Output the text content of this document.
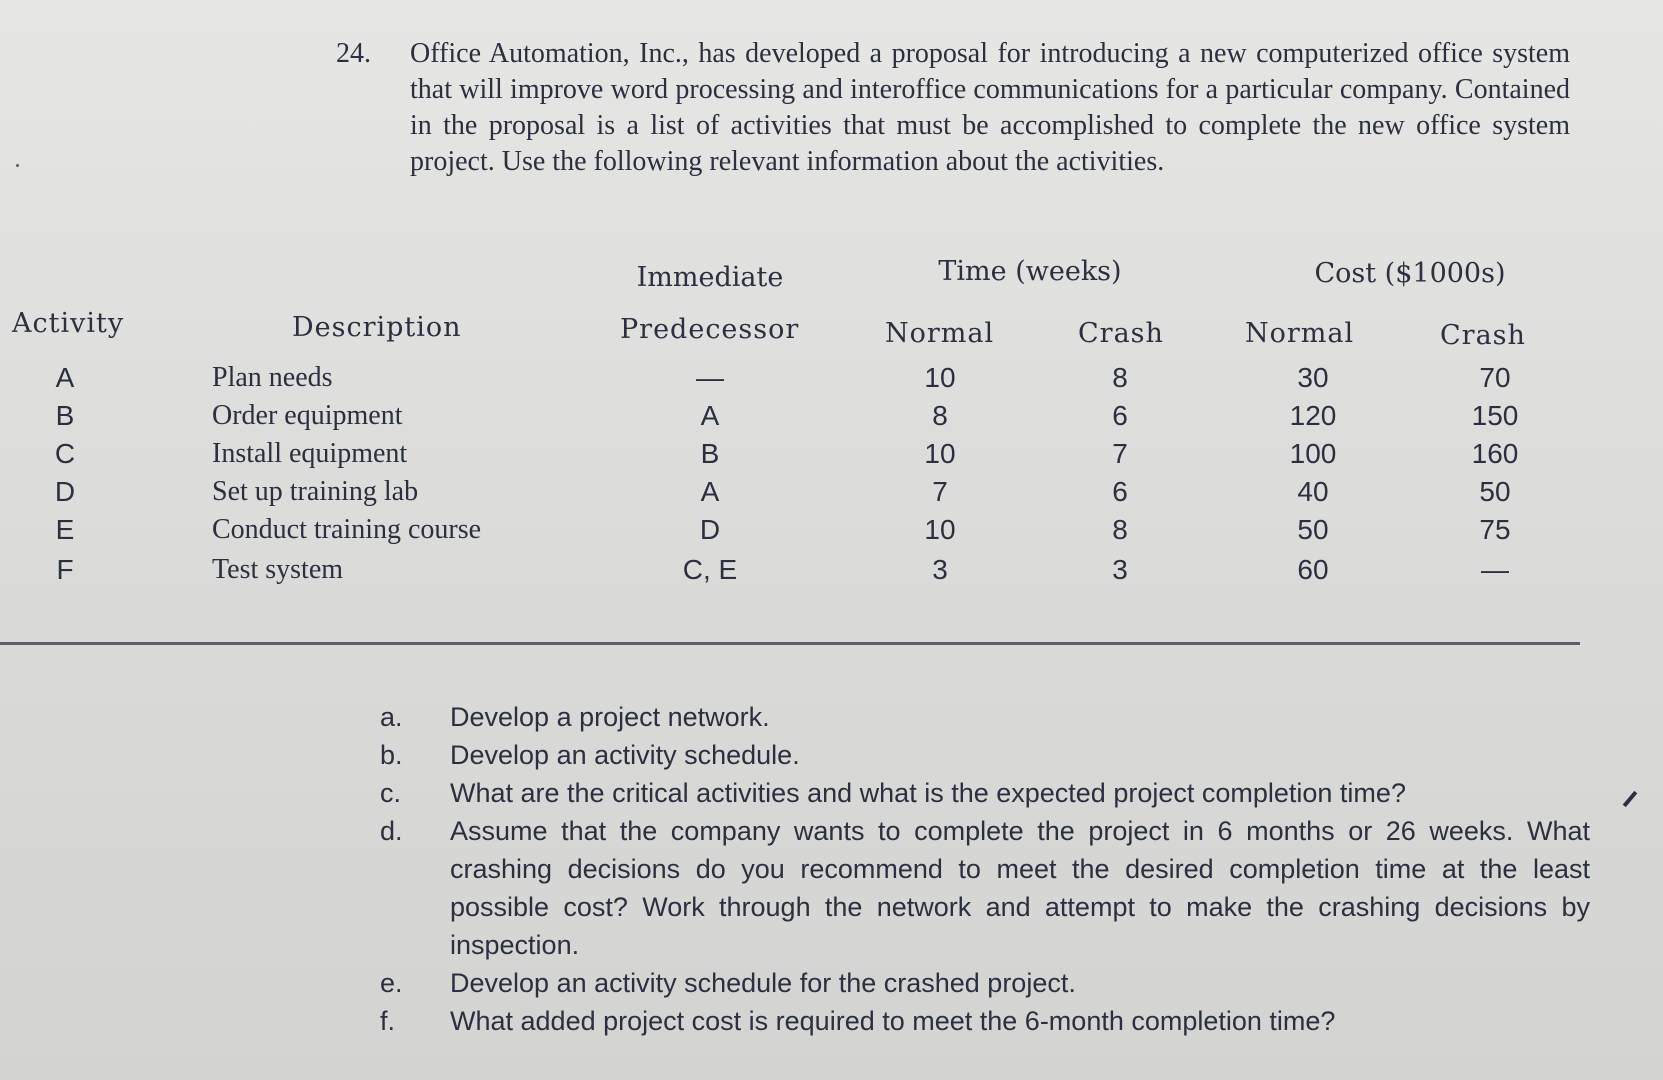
24.	Office Automation, Inc., has developed a proposal for introducing a new computerized office system that will improve word processing and interoffice communications for a particular company. Contained in the proposal is a list of activities that must be accomplished to complete the new office system project. Use the following relevant information about the activities.
Immediate	Time (weeks)	Cost ($1000s)
Activity	Description	Predecessor	Normal	Crash	Normal	Crash
A	Plan needs	—	10	8	30	70
B	Order equipment	A	8	6	120	150
C	Install equipment	B	10	7	100	160
D	Set up training lab	A	7	6	40	50
E	Conduct training course	D	10	8	50	75
F	Test system	C, E	3	3	60	—
a.	Develop a project network.
b.	Develop an activity schedule.
c.	What are the critical activities and what is the expected project completion time?
d.	Assume that the company wants to complete the project in 6 months or 26 weeks. What crashing decisions do you recommend to meet the desired completion time at the least possible cost? Work through the network and attempt to make the crashing decisions by inspection.
e.	Develop an activity schedule for the crashed project.
f.	What added project cost is required to meet the 6-month completion time?
